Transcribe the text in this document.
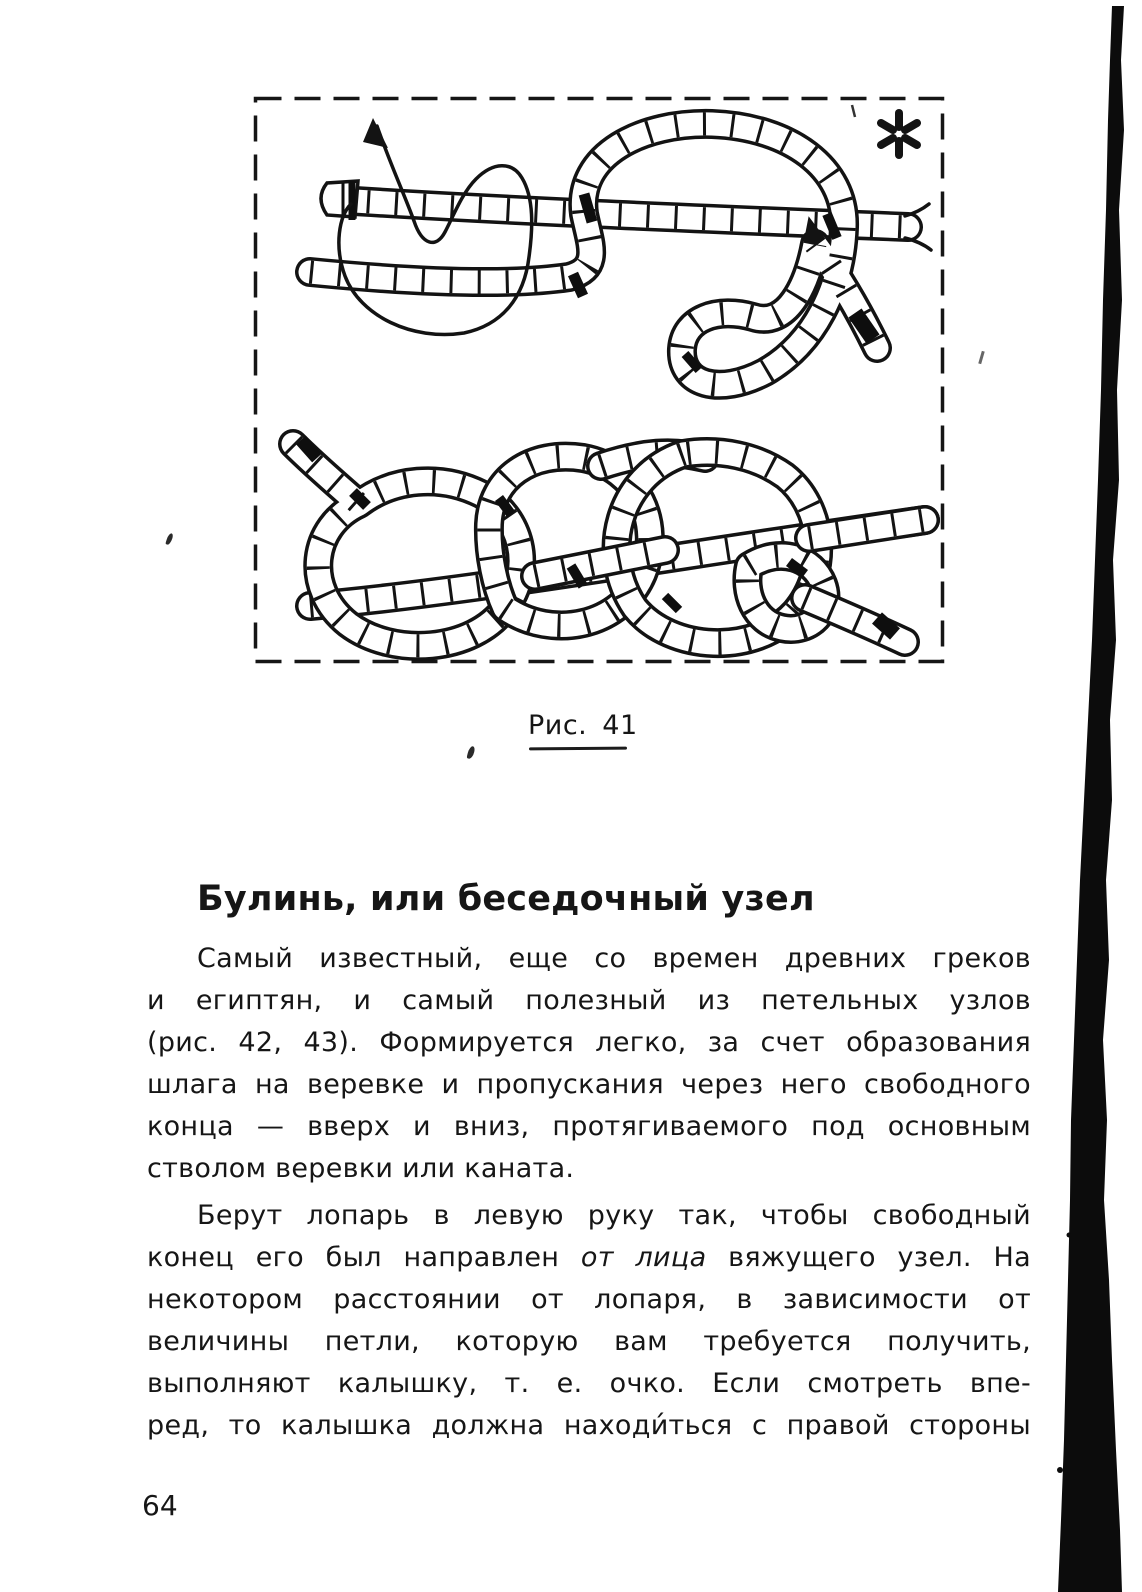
Рис. 41
Булинь, или беседочный узел
Самый известный, еще со времен древних греков
и египтян, и самый полезный из петельных узлов
(рис. 42, 43). Формируется легко, за счет образования
шлага на веревке и пропускания через него свободного
конца — вверх и вниз, протягиваемого под основным
стволом веревки или каната.
Берут лопарь в левую руку так, чтобы свободный
конец его был направлен от лица вяжущего узел. На
некотором расстоянии от лопаря, в зависимости от
величины петли, которую вам требуется получить,
выполняют калышку, т. е. очко. Если смотреть впе-
ред, то калышка должна находи́ться с правой стороны
64
